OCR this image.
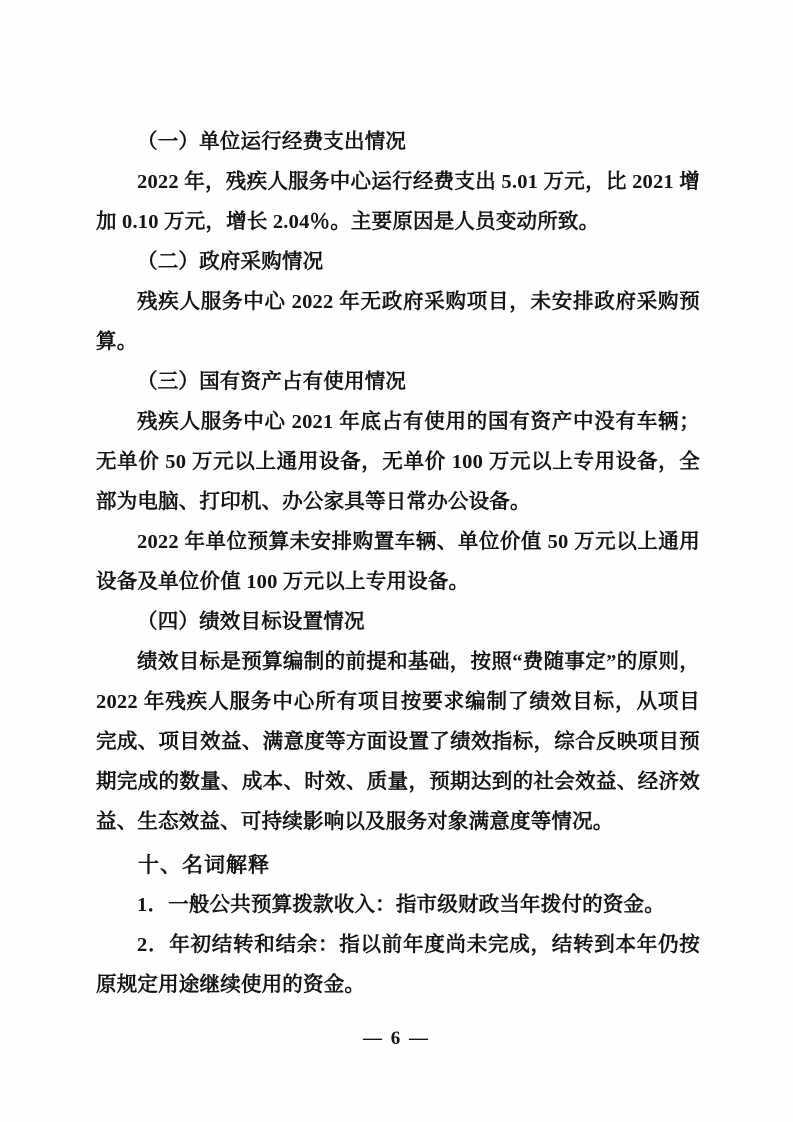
（一）单位运行经费支出情况

2022 年，残疾人服务中心运行经费支出 5.01 万元，比 2021 增加 0.10 万元，增长 2.04％。主要原因是人员变动所致。

（二）政府采购情况

残疾人服务中心 2022 年无政府采购项目，未安排政府采购预算。

（三）国有资产占有使用情况

残疾人服务中心 2021 年底占有使用的国有资产中没有车辆；无单价 50 万元以上通用设备，无单价 100 万元以上专用设备，全部为电脑、打印机、办公家具等日常办公设备。

2022 年单位预算未安排购置车辆、单位价值 50 万元以上通用设备及单位价值 100 万元以上专用设备。

（四）绩效目标设置情况

绩效目标是预算编制的前提和基础，按照“费随事定”的原则，2022 年残疾人服务中心所有项目按要求编制了绩效目标，从项目完成、项目效益、满意度等方面设置了绩效指标，综合反映项目预期完成的数量、成本、时效、质量，预期达到的社会效益、经济效益、生态效益、可持续影响以及服务对象满意度等情况。

十、名词解释

1．一般公共预算拨款收入：指市级财政当年拨付的资金。

2．年初结转和结余：指以前年度尚未完成，结转到本年仍按原规定用途继续使用的资金。

— 6 —
